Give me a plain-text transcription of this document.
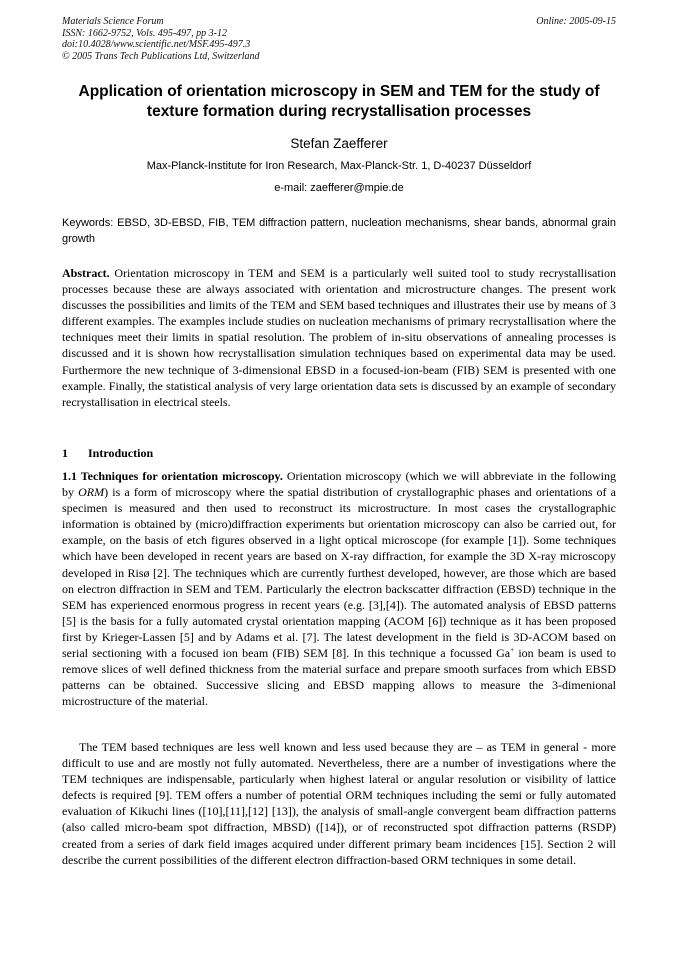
Materials Science Forum
ISSN: 1662-9752, Vols. 495-497, pp 3-12
doi:10.4028/www.scientific.net/MSF.495-497.3
© 2005 Trans Tech Publications Ltd, Switzerland
Online: 2005-09-15
Application of orientation microscopy in SEM and TEM for the study of texture formation during recrystallisation processes
Stefan Zaefferer
Max-Planck-Institute for Iron Research, Max-Planck-Str. 1, D-40237 Düsseldorf
e-mail: zaefferer@mpie.de
Keywords: EBSD, 3D-EBSD, FIB, TEM diffraction pattern, nucleation mechanisms, shear bands, abnormal grain growth

Abstract. Orientation microscopy in TEM and SEM is a particularly well suited tool to study recrystallisation processes because these are always associated with orientation and microstructure changes. The present work discusses the possibilities and limits of the TEM and SEM based techniques and illustrates their use by means of 3 different examples. The examples include studies on nucleation mechanisms of primary recrystallisation where the techniques meet their limits in spatial resolution. The problem of in-situ observations of annealing processes is discussed and it is shown how recrystallisation simulation techniques based on experimental data may be used. Furthermore the new technique of 3-dimensional EBSD in a focused-ion-beam (FIB) SEM is presented with one example. Finally, the statistical analysis of very large orientation data sets is discussed by an example of secondary recrystallisation in electrical steels.

1 Introduction

1.1 Techniques for orientation microscopy. Orientation microscopy (which we will abbreviate in the following by ORM) is a form of microscopy where the spatial distribution of crystallographic phases and orientations of a specimen is measured and then used to reconstruct its microstructure. In most cases the crystallographic information is obtained by (micro)diffraction experiments but orientation microscopy can also be carried out, for example, on the basis of etch figures observed in a light optical microscope (for example [1]). Some techniques which have been developed in recent years are based on X-ray diffraction, for example the 3D X-ray microscopy developed in Risø [2]. The techniques which are currently furthest developed, however, are those which are based on electron diffraction in SEM and TEM. Particularly the electron backscatter diffraction (EBSD) technique in the SEM has experienced enormous progress in recent years (e.g. [3],[4]). The automated analysis of EBSD patterns [5] is the basis for a fully automated crystal orientation mapping (ACOM [6]) technique as it has been proposed first by Krieger-Lassen [5] and by Adams et al. [7]. The latest development in the field is 3D-ACOM based on serial sectioning with a focused ion beam (FIB) SEM [8]. In this technique a focussed Ga+ ion beam is used to remove slices of well defined thickness from the material surface and prepare smooth surfaces from which EBSD patterns can be obtained. Successive slicing and EBSD mapping allows to measure the 3-dimenional microstructure of the material.

The TEM based techniques are less well known and less used because they are – as TEM in general - more difficult to use and are mostly not fully automated. Nevertheless, there are a number of investigations where the TEM techniques are indispensable, particularly when highest lateral or angular resolution or visibility of lattice defects is required [9]. TEM offers a number of potential ORM techniques including the semi or fully automated evaluation of Kikuchi lines ([10],[11],[12] [13]), the analysis of small-angle convergent beam diffraction patterns (also called micro-beam spot diffraction, MBSD) ([14]), or of reconstructed spot diffraction patterns (RSDP) created from a series of dark field images acquired under different primary beam incidences [15]. Section 2 will describe the current possibilities of the different electron diffraction-based ORM techniques in some detail.
